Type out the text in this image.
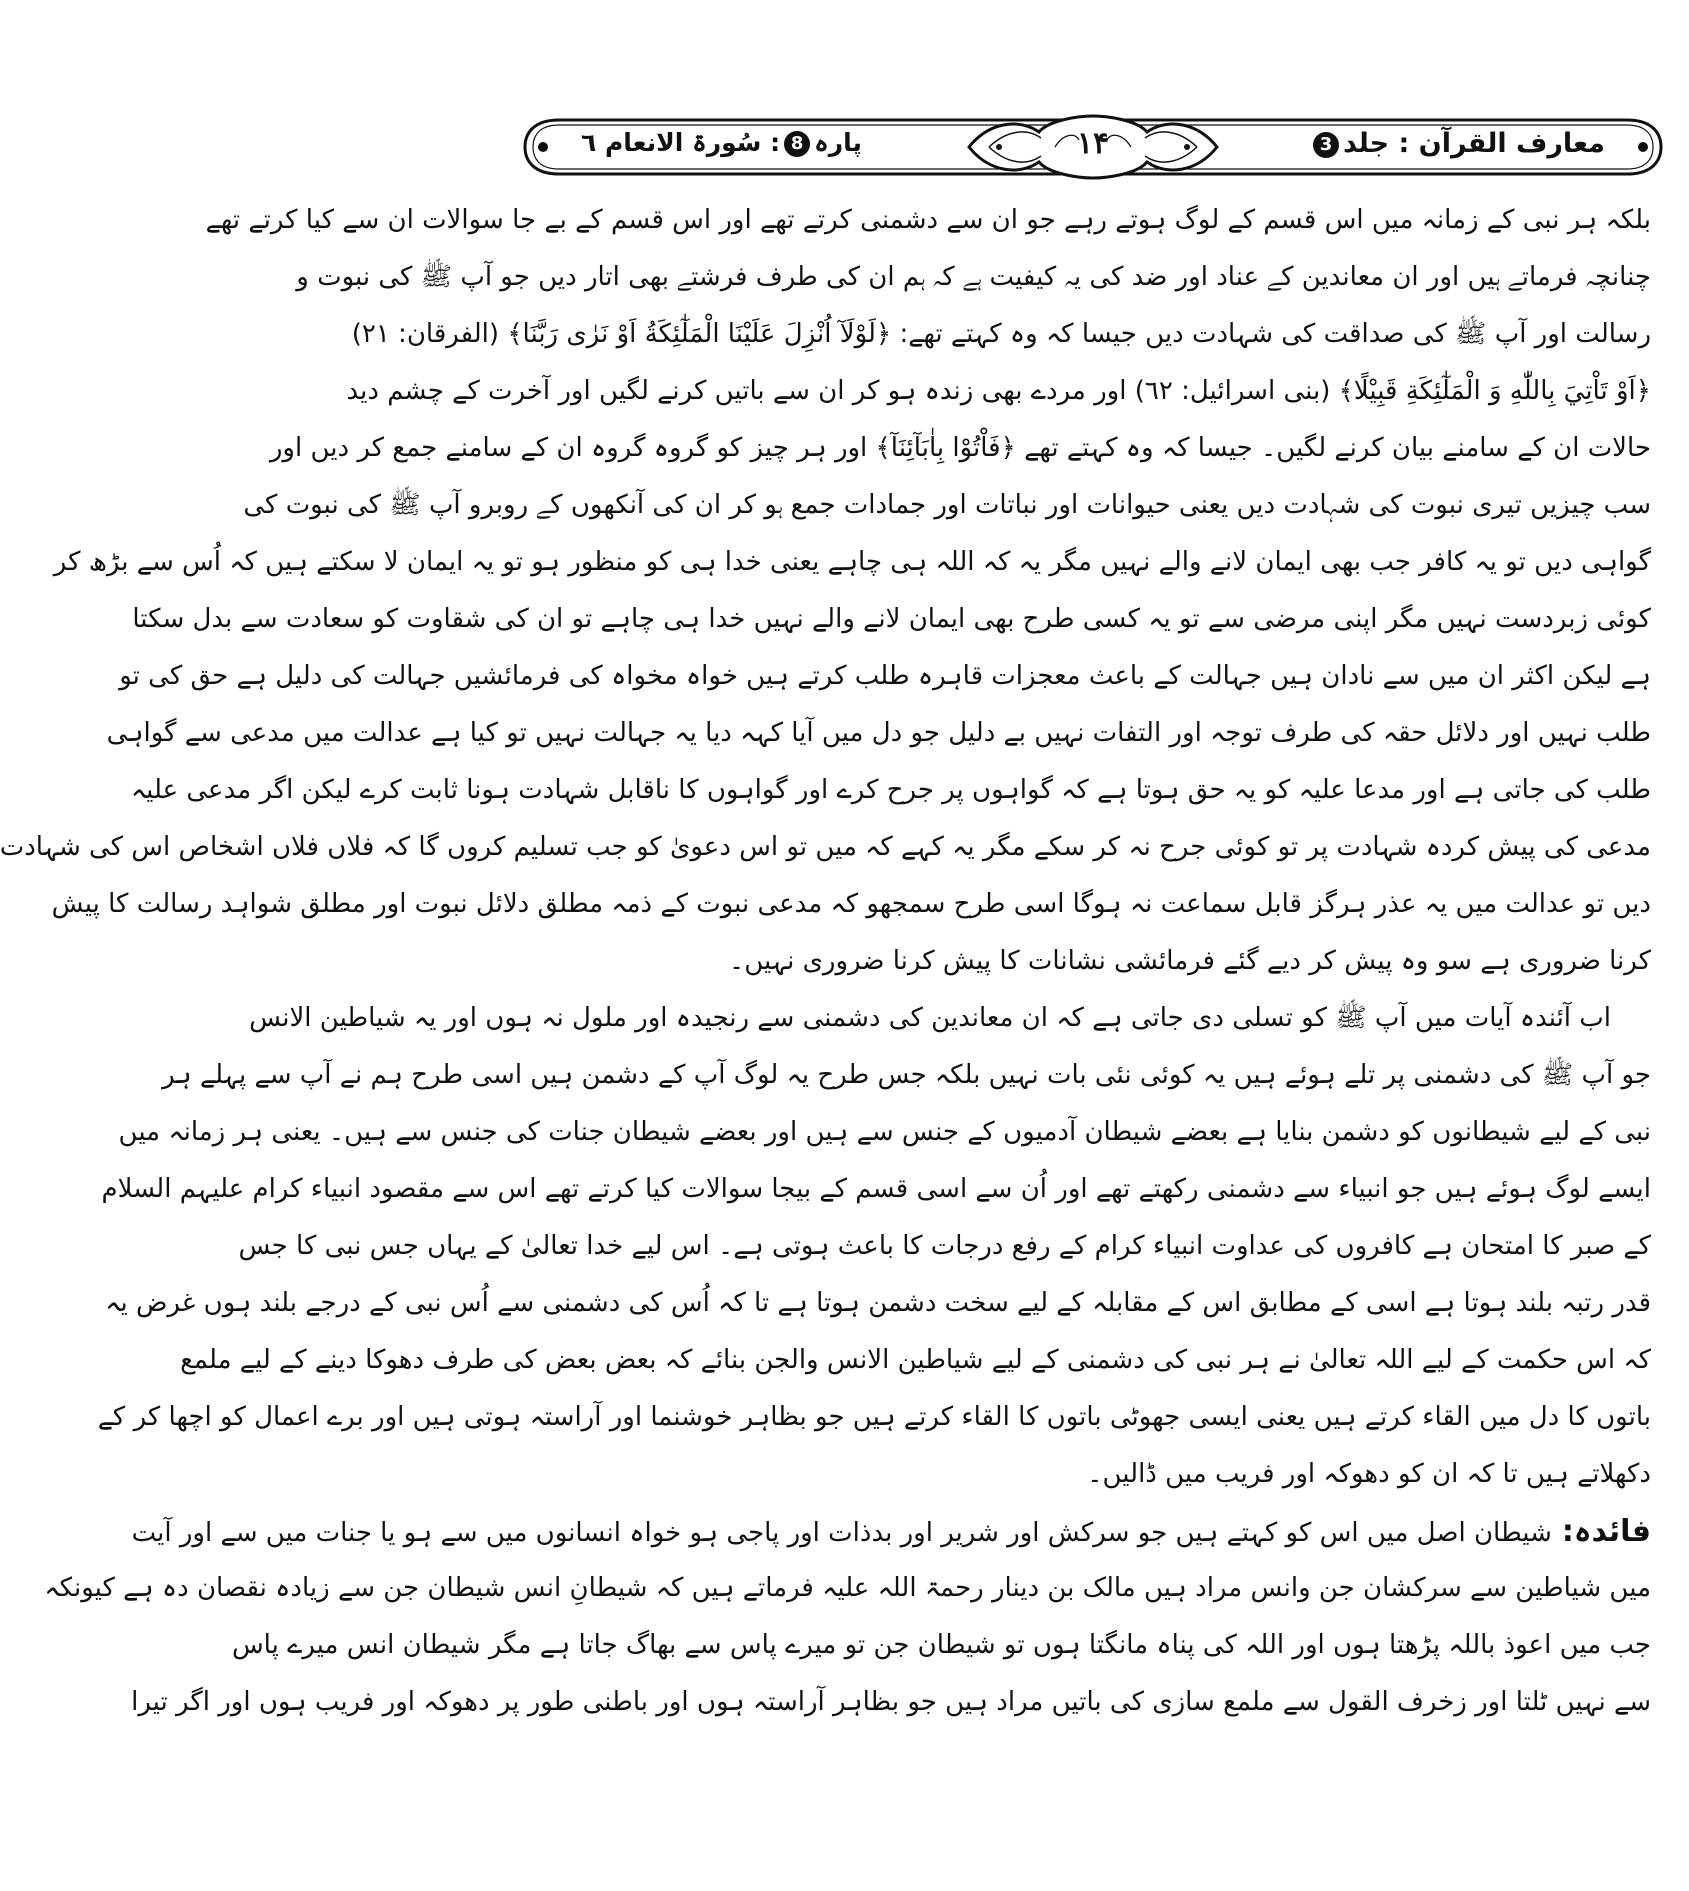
معارف القرآن : جلد3
۱۴
پارہ8: سُورۃ الانعام ٦
بلکہ ہر نبی کے زمانہ میں اس قسم کے لوگ ہوتے رہے جو ان سے دشمنی کرتے تھے اور اس قسم کے بے جا سوالات ان سے کیا کرتے تھے
چنانچہ فرماتے ہیں اور ان معاندین کے عناد اور ضد کی یہ کیفیت ہے کہ ہم ان کی طرف فرشتے بھی اتار دیں جو آپ ﷺ کی نبوت و
رسالت اور آپ ﷺ کی صداقت کی شہادت دیں جیسا کہ وہ کہتے تھے: ﴿لَوْلَآ اُنْزِلَ عَلَيْنَا الْمَلٰٓئِكَةُ اَوْ نَرٰى رَبَّنَا﴾ (الفرقان: ۲۱)
﴿اَوْ تَاْتِيَ بِاللّٰهِ وَ الْمَلٰٓئِكَةِ قَبِيْلًا﴾ (بنی اسرائیل: ٦۲) اور مردے بھی زندہ ہو کر ان سے باتیں کرنے لگیں اور آخرت کے چشم دید
حالات ان کے سامنے بیان کرنے لگیں۔ جیسا کہ وہ کہتے تھے ﴿فَاْتُوْا بِاٰبَآئِنَآ﴾ اور ہر چیز کو گروہ گروہ ان کے سامنے جمع کر دیں اور
سب چیزیں تیری نبوت کی شہادت دیں یعنی حیوانات اور نباتات اور جمادات جمع ہو کر ان کی آنکھوں کے روبرو آپ ﷺ کی نبوت کی
گواہی دیں تو یہ کافر جب بھی ایمان لانے والے نہیں مگر یہ کہ اللہ ہی چاہے یعنی خدا ہی کو منظور ہو تو یہ ایمان لا سکتے ہیں کہ اُس سے بڑھ کر
کوئی زبردست نہیں مگر اپنی مرضی سے تو یہ کسی طرح بھی ایمان لانے والے نہیں خدا ہی چاہے تو ان کی شقاوت کو سعادت سے بدل سکتا
ہے لیکن اکثر ان میں سے نادان ہیں جہالت کے باعث معجزات قاہرہ طلب کرتے ہیں خواہ مخواہ کی فرمائشیں جہالت کی دلیل ہے حق کی تو
طلب نہیں اور دلائل حقہ کی طرف توجہ اور التفات نہیں بے دلیل جو دل میں آیا کہہ دیا یہ جہالت نہیں تو کیا ہے عدالت میں مدعی سے گواہی
طلب کی جاتی ہے اور مدعا علیہ کو یہ حق ہوتا ہے کہ گواہوں پر جرح کرے اور گواہوں کا ناقابل شہادت ہونا ثابت کرے لیکن اگر مدعی علیہ
مدعی کی پیش کردہ شہادت پر تو کوئی جرح نہ کر سکے مگر یہ کہے کہ میں تو اس دعویٰ کو جب تسلیم کروں گا کہ فلاں فلاں اشخاص اس کی شہادت
دیں تو عدالت میں یہ عذر ہرگز قابل سماعت نہ ہوگا اسی طرح سمجھو کہ مدعی نبوت کے ذمہ مطلق دلائل نبوت اور مطلق شواہد رسالت کا پیش
کرنا ضروری ہے سو وہ پیش کر دیے گئے فرمائشی نشانات کا پیش کرنا ضروری نہیں۔
اب آئندہ آیات میں آپ ﷺ کو تسلی دی جاتی ہے کہ ان معاندین کی دشمنی سے رنجیدہ اور ملول نہ ہوں اور یہ شیاطین الانس
جو آپ ﷺ کی دشمنی پر تلے ہوئے ہیں یہ کوئی نئی بات نہیں بلکہ جس طرح یہ لوگ آپ کے دشمن ہیں اسی طرح ہم نے آپ سے پہلے ہر
نبی کے لیے شیطانوں کو دشمن بنایا ہے بعضے شیطان آدمیوں کے جنس سے ہیں اور بعضے شیطان جنات کی جنس سے ہیں۔ یعنی ہر زمانہ میں
ایسے لوگ ہوئے ہیں جو انبیاء سے دشمنی رکھتے تھے اور اُن سے اسی قسم کے بیجا سوالات کیا کرتے تھے اس سے مقصود انبیاء کرام علیہم السلام
کے صبر کا امتحان ہے کافروں کی عداوت انبیاء کرام کے رفع درجات کا باعث ہوتی ہے۔ اس لیے خدا تعالیٰ کے یہاں جس نبی کا جس
قدر رتبہ بلند ہوتا ہے اسی کے مطابق اس کے مقابلہ کے لیے سخت دشمن ہوتا ہے تا کہ اُس کی دشمنی سے اُس نبی کے درجے بلند ہوں غرض یہ
کہ اس حکمت کے لیے اللہ تعالیٰ نے ہر نبی کی دشمنی کے لیے شیاطین الانس والجن بنائے کہ بعض بعض کی طرف دھوکا دینے کے لیے ملمع
باتوں کا دل میں القاء کرتے ہیں یعنی ایسی جھوٹی باتوں کا القاء کرتے ہیں جو بظاہر خوشنما اور آراستہ ہوتی ہیں اور برے اعمال کو اچھا کر کے
دکھلاتے ہیں تا کہ ان کو دھوکہ اور فریب میں ڈالیں۔
فائدہ:شیطان اصل میں اس کو کہتے ہیں جو سرکش اور شریر اور بدذات اور پاجی ہو خواہ انسانوں میں سے ہو یا جنات میں سے اور آیت
میں شیاطین سے سرکشان جن وانس مراد ہیں مالک بن دینار رحمۃ اللہ علیہ فرماتے ہیں کہ شیطانِ انس شیطان جن سے زیادہ نقصان دہ ہے کیونکہ
جب میں اعوذ باللہ پڑھتا ہوں اور اللہ کی پناہ مانگتا ہوں تو شیطان جن تو میرے پاس سے بھاگ جاتا ہے مگر شیطان انس میرے پاس
سے نہیں ٹلتا اور زخرف القول سے ملمع سازی کی باتیں مراد ہیں جو بظاہر آراستہ ہوں اور باطنی طور پر دھوکہ اور فریب ہوں اور اگر تیرا
